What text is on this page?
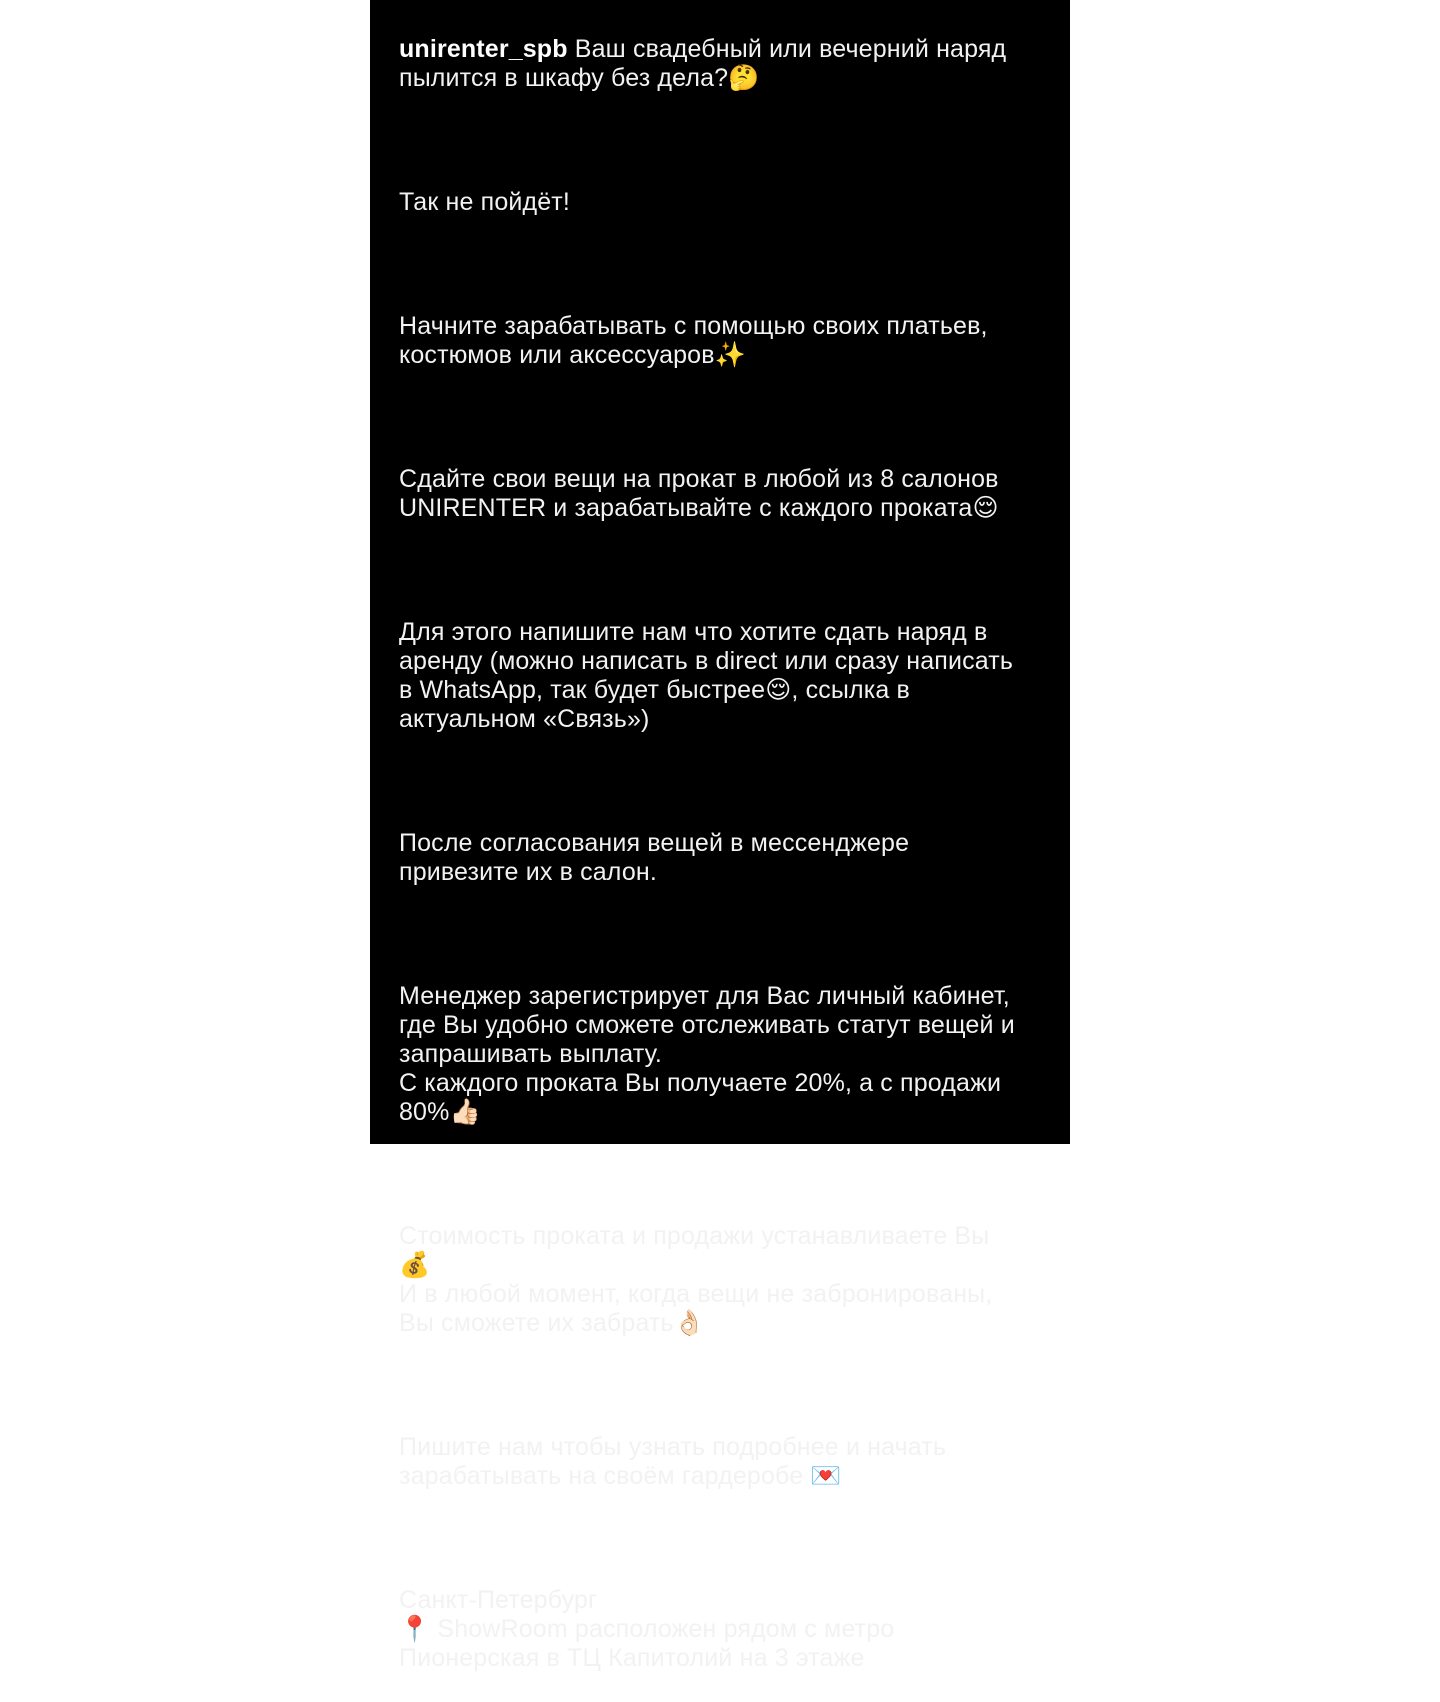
unirenter_spb Ваш свадебный или вечерний наряд
пылится в шкафу без дела?🤔

Так не пойдёт!

Начните зарабатывать с помощью своих платьев,
костюмов или аксессуаров✨

Сдайте свои вещи на прокат в любой из 8 салонов
UNIRENTER и зарабатывайте с каждого проката😌

Для этого напишите нам что хотите сдать наряд в
аренду (можно написать в direct или сразу написать
в WhatsApp, так будет быстрее😌, ссылка в
актуальном «Связь»)

После согласования вещей в мессенджере
привезите их в салон.

Менеджер зарегистрирует для Вас личный кабинет,
где Вы удобно сможете отслеживать статут вещей и
запрашивать выплату.
С каждого проката Вы получаете 20%, а с продажи
80%👍🏻

Стоимость проката и продажи устанавливаете Вы
💰
И в любой момент, когда вещи не забронированы,
Вы сможете их забрать👌🏻

Пишите нам чтобы узнать подробнее и начать
зарабатывать на своём гардеробе 💌

Санкт-Петербург
📍 ShowRoom расположен рядом с метро
Пионерская в ТЦ Капитолий на 3 этаже
